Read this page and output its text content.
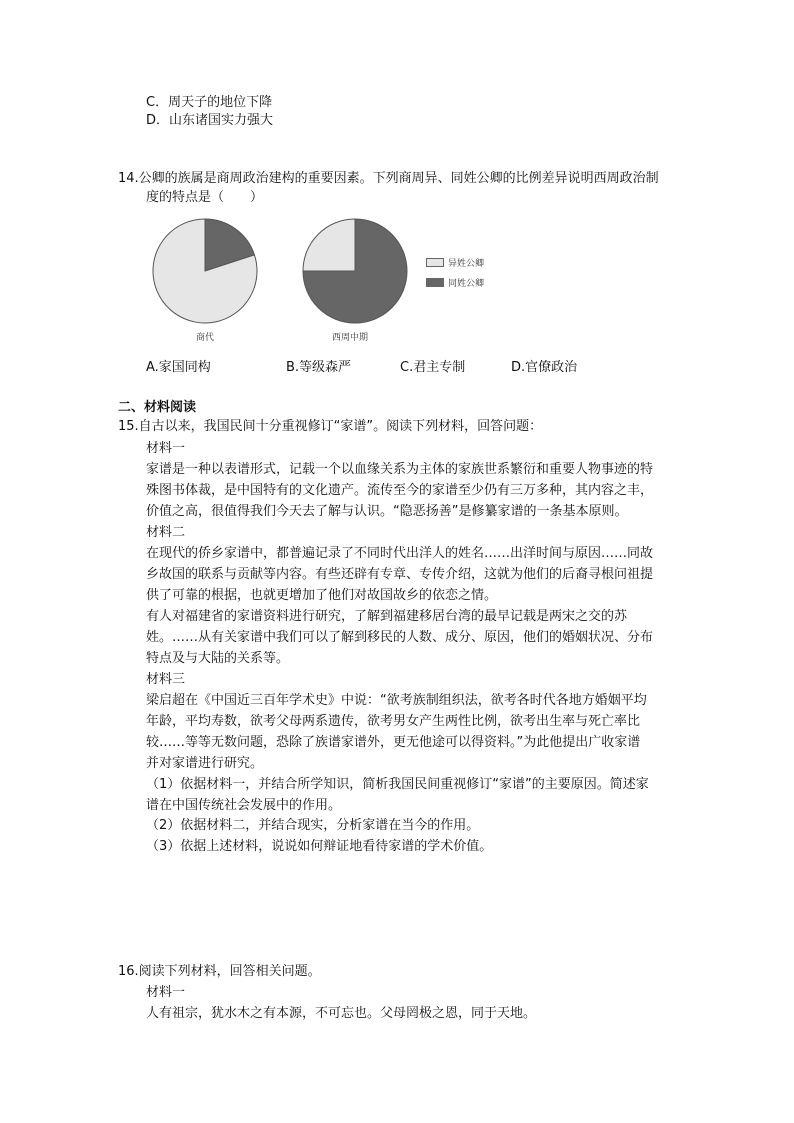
C．周天子的地位下降
D．山东诸国实力强大
14.公卿的族属是商周政治建构的重要因素。下列商周异、同姓公卿的比例差异说明西周政治制
度的特点是（　　）
商代	西周中期
异姓公卿
同姓公卿
A.家国同构	B.等级森严	C.君主专制	D.官僚政治
二、材料阅读
15.自古以来，我国民间十分重视修订“家谱”。阅读下列材料，回答问题：
材料一
家谱是一种以表谱形式，记载一个以血缘关系为主体的家族世系繁衍和重要人物事迹的特
殊图书体裁，是中国特有的文化遗产。流传至今的家谱至少仍有三万多种，其内容之丰，
价值之高，很值得我们今天去了解与认识。“隐恶扬善”是修纂家谱的一条基本原则。
材料二
在现代的侨乡家谱中，都普遍记录了不同时代出洋人的姓名……出洋时间与原因……同故
乡故国的联系与贡献等内容。有些还辟有专章、专传介绍，这就为他们的后裔寻根问祖提
供了可靠的根据，也就更增加了他们对故国故乡的依恋之情。
有人对福建省的家谱资料进行研究，了解到福建移居台湾的最早记载是两宋之交的苏
姓。……从有关家谱中我们可以了解到移民的人数、成分、原因，他们的婚姻状况、分布
特点及与大陆的关系等。
材料三
梁启超在《中国近三百年学术史》中说：“欲考族制组织法，欲考各时代各地方婚姻平均
年龄，平均寿数，欲考父母两系遗传，欲考男女产生两性比例，欲考出生率与死亡率比
较……等等无数问题，恐除了族谱家谱外，更无他途可以得资料。”为此他提出广收家谱
并对家谱进行研究。
（1）依据材料一，并结合所学知识，简析我国民间重视修订“家谱”的主要原因。简述家
谱在中国传统社会发展中的作用。
（2）依据材料二，并结合现实，分析家谱在当今的作用。
（3）依据上述材料，说说如何辩证地看待家谱的学术价值。
16.阅读下列材料，回答相关问题。
材料一
人有祖宗，犹水木之有本源，不可忘也。父母罔极之恩，同于天地。
